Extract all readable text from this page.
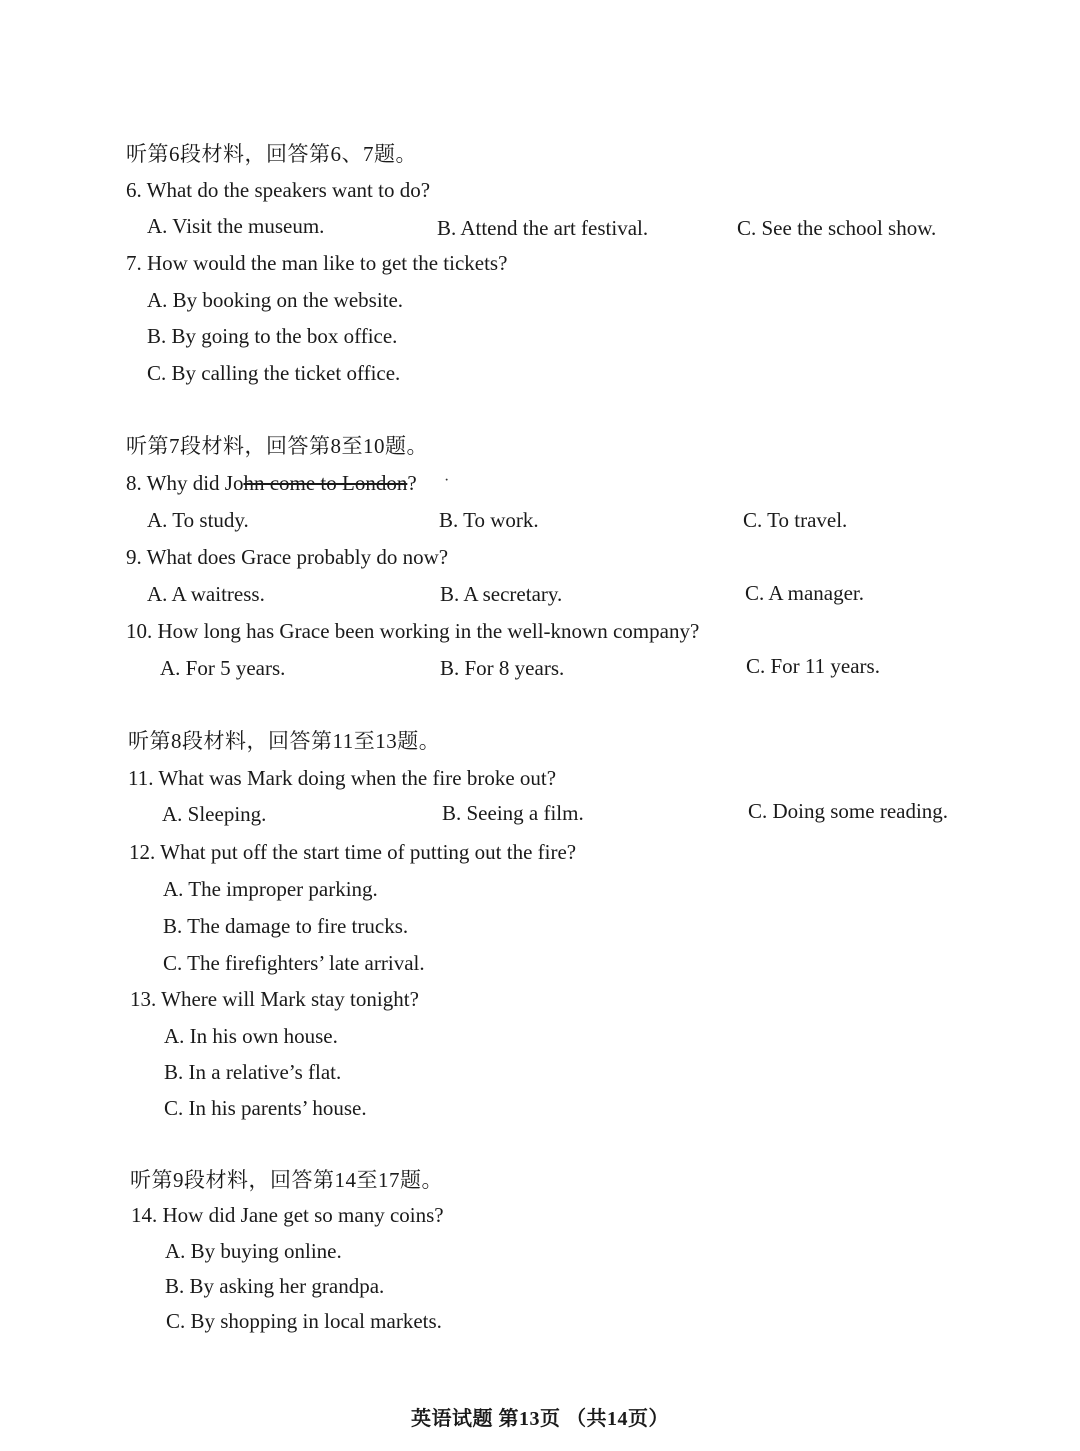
听第6段材料，回答第6、7题。
6. What do the speakers want to do?
A. Visit the museum.	B. Attend the art festival.	C. See the school show.
7. How would the man like to get the tickets?
A. By booking on the website.
B. By going to the box office.
C. By calling the ticket office.
听第7段材料，回答第8至10题。
8. Why did John come to London? ·
A. To study.	B. To work.	C. To travel.
9. What does Grace probably do now?
A. A waitress.	B. A secretary.	C. A manager.
10. How long has Grace been working in the well-known company?
A. For 5 years.	B. For 8 years.	C. For 11 years.
听第8段材料，回答第11至13题。
11. What was Mark doing when the fire broke out?
A. Sleeping.	B. Seeing a film.	C. Doing some reading.
12. What put off the start time of putting out the fire?
A. The improper parking.
B. The damage to fire trucks.
C. The firefighters’ late arrival.
13. Where will Mark stay tonight?
A. In his own house.
B. In a relative’s flat.
C. In his parents’ house.
听第9段材料，回答第14至17题。
14. How did Jane get so many coins?
A. By buying online.
B. By asking her grandpa.
C. By shopping in local markets.
英语试题 第13页 （共14页）
